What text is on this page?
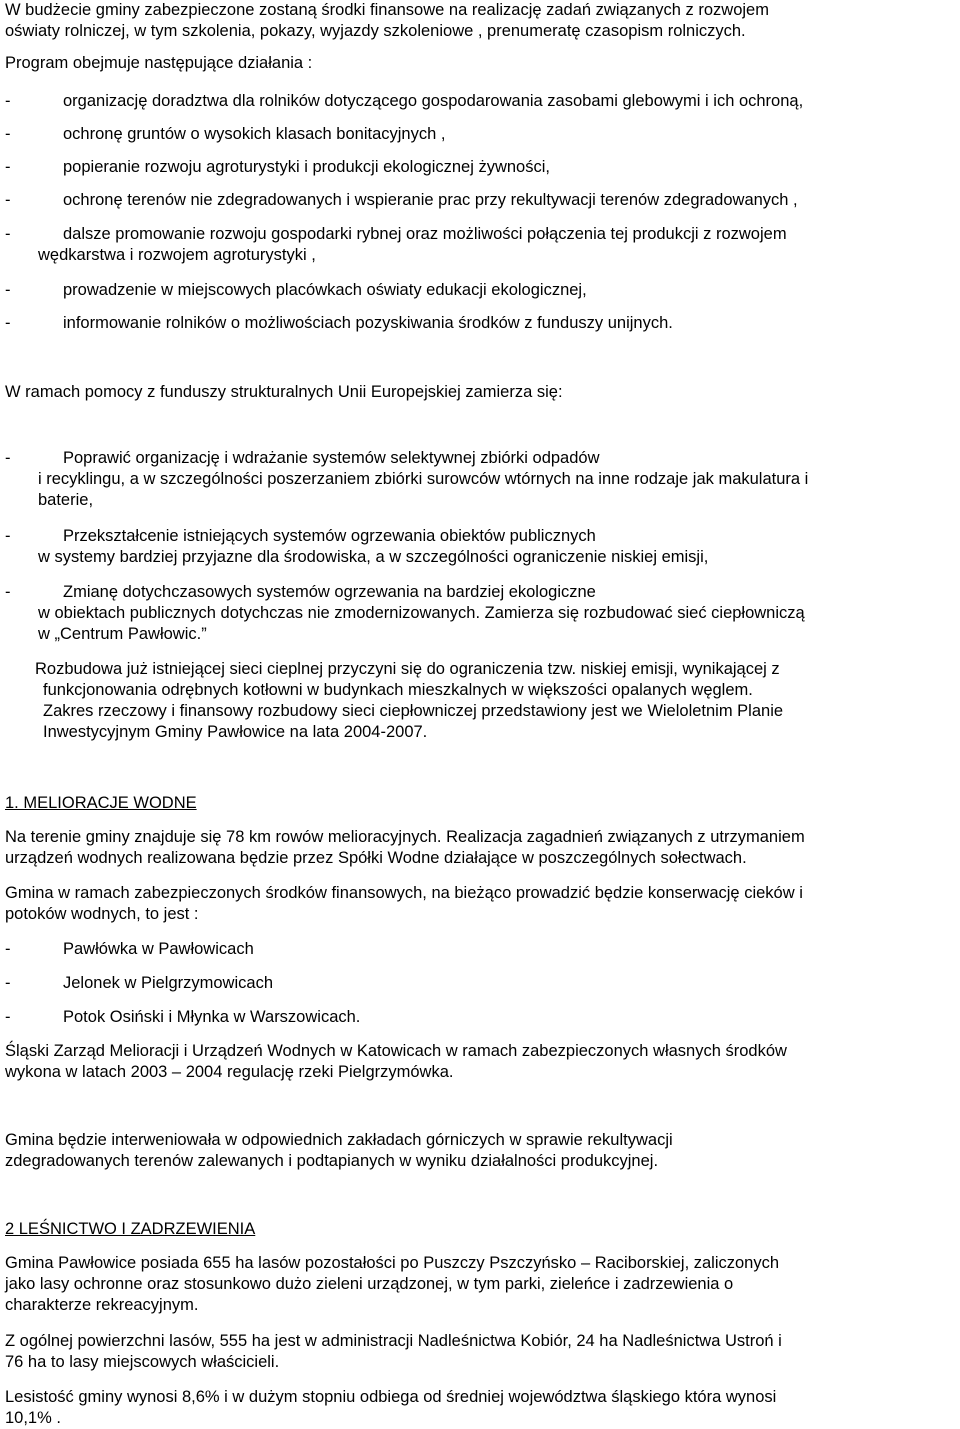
W budżecie gminy zabezpieczone zostaną środki finansowe na realizację zadań związanych z rozwojem
oświaty rolniczej, w tym szkolenia, pokazy, wyjazdy szkoleniowe , prenumeratę czasopism rolniczych.

Program obejmuje następujące działania :

-	organizację doradztwa dla rolników dotyczącego gospodarowania zasobami glebowymi i ich ochroną,
-	ochronę gruntów o wysokich klasach bonitacyjnych ,
-	popieranie rozwoju agroturystyki i produkcji ekologicznej żywności,
-	ochronę terenów nie zdegradowanych i wspieranie prac przy rekultywacji terenów zdegradowanych ,
-	dalsze promowanie rozwoju gospodarki rybnej oraz możliwości połączenia tej produkcji z rozwojem
wędkarstwa i rozwojem agroturystyki ,
-	prowadzenie w miejscowych placówkach oświaty edukacji ekologicznej,
-	informowanie rolników o możliwościach pozyskiwania środków z funduszy unijnych.

W ramach pomocy z funduszy strukturalnych Unii Europejskiej zamierza się:

-	Poprawić organizację i wdrażanie systemów selektywnej zbiórki odpadów
i recyklingu, a w szczególności poszerzaniem zbiórki surowców wtórnych na inne rodzaje jak makulatura i
baterie,
-	Przekształcenie istniejących systemów ogrzewania obiektów publicznych
w systemy bardziej przyjazne dla środowiska, a w szczególności ograniczenie niskiej emisji,
-	Zmianę dotychczasowych systemów ogrzewania na bardziej ekologiczne
w obiektach publicznych dotychczas nie zmodernizowanych. Zamierza się rozbudować sieć ciepłowniczą
w „Centrum Pawłowic.”
Rozbudowa już istniejącej sieci cieplnej przyczyni się do ograniczenia tzw. niskiej emisji, wynikającej z
funkcjonowania odrębnych kotłowni w budynkach mieszkalnych w większości opalanych węglem.
Zakres rzeczowy i finansowy rozbudowy sieci ciepłowniczej przedstawiony jest we Wieloletnim Planie
Inwestycyjnym Gminy Pawłowice na lata 2004-2007.

1. MELIORACJE WODNE

Na terenie gminy znajduje się 78 km rowów melioracyjnych. Realizacja zagadnień związanych z utrzymaniem
urządzeń wodnych realizowana będzie przez Spółki Wodne działające w poszczególnych sołectwach.

Gmina w ramach zabezpieczonych środków finansowych, na bieżąco prowadzić będzie konserwację cieków i
potoków wodnych, to jest :

-	Pawłówka w Pawłowicach
-	Jelonek w Pielgrzymowicach
-	Potok Osiński i Młynka w Warszowicach.

Śląski Zarząd Melioracji i Urządzeń Wodnych w Katowicach w ramach zabezpieczonych własnych środków
wykona w latach 2003 – 2004 regulację rzeki Pielgrzymówka.

Gmina będzie interweniowała w odpowiednich zakładach górniczych w sprawie rekultywacji
zdegradowanych terenów zalewanych i podtapianych w wyniku działalności produkcyjnej.

2 LEŚNICTWO I ZADRZEWIENIA

Gmina Pawłowice posiada 655 ha lasów pozostałości po Puszczy Pszczyńsko – Raciborskiej, zaliczonych
jako lasy ochronne oraz stosunkowo dużo zieleni urządzonej, w tym parki, zieleńce i zadrzewienia o
charakterze rekreacyjnym.

Z ogólnej powierzchni lasów, 555 ha jest w administracji Nadleśnictwa Kobiór, 24 ha Nadleśnictwa Ustroń i
76 ha to lasy miejscowych właścicieli.

Lesistość gminy wynosi 8,6% i w dużym stopniu odbiega od średniej województwa śląskiego która wynosi
10,1% .
